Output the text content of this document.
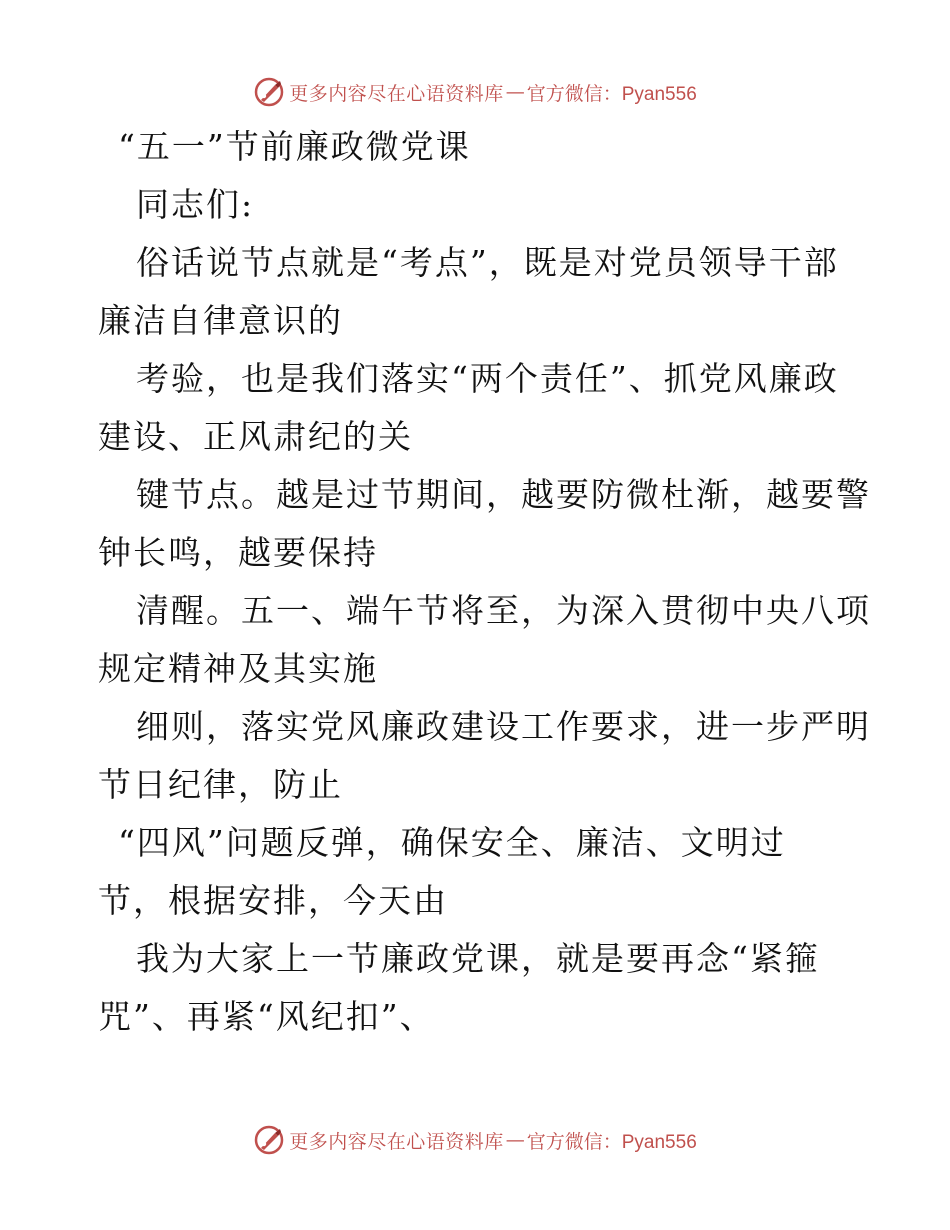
更多内容尽在心语资料库 — 官方微信：Pyan556
“五一”节前廉政微党课
同志们:
俗话说节点就是“考点”，既是对党员领导干部
廉洁自律意识的
考验，也是我们落实“两个责任”、抓党风廉政
建设、正风肃纪的关
键节点。越是过节期间，越要防微杜渐，越要警
钟长鸣，越要保持
清醒。五一、端午节将至，为深入贯彻中央八项
规定精神及其实施
细则，落实党风廉政建设工作要求，进一步严明
节日纪律，防止
“四风”问题反弹，确保安全、廉洁、文明过
节，根据安排，今天由
我为大家上一节廉政党课，就是要再念“紧箍
咒”、再紧“风纪扣”、
更多内容尽在心语资料库 — 官方微信：Pyan556
